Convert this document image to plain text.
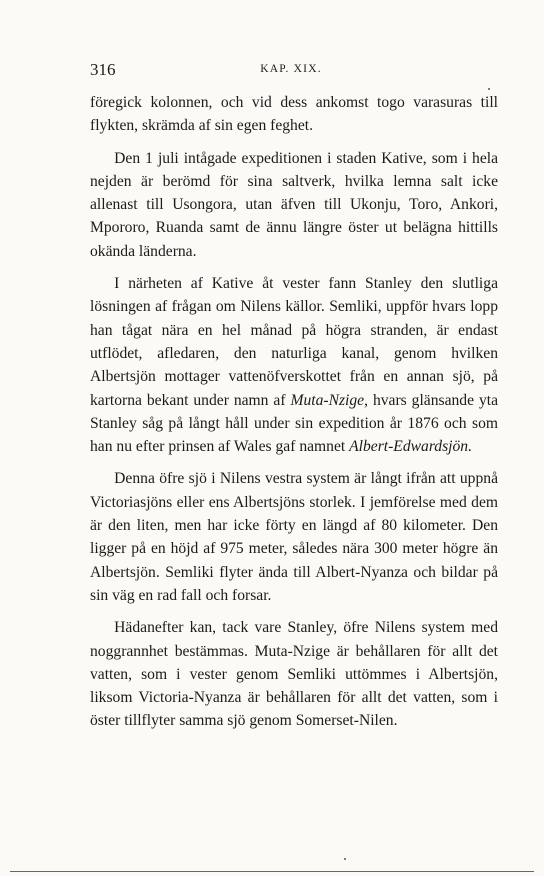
316	KAP. XIX.

föregick kolonnen, och vid dess ankomst togo varasuras till flykten, skrämda af sin egen feghet.

Den 1 juli intågade expeditionen i staden Kative, som i hela nejden är berömd för sina saltverk, hvilka lemna salt icke allenast till Usongora, utan äfven till Ukonju, Toro, Ankori, Mpororo, Ruanda samt de ännu längre öster ut belägna hittills okända länderna.

I närheten af Kative åt vester fann Stanley den slutliga lösningen af frågan om Nilens källor. Semliki, uppför hvars lopp han tågat nära en hel månad på högra stranden, är endast utflödet, afledaren, den naturliga kanal, genom hvilken Albertsjön mottager vattenöfverskottet från en annan sjö, på kartorna bekant under namn af Muta-Nzige, hvars glänsande yta Stanley såg på långt håll under sin expedition år 1876 och som han nu efter prinsen af Wales gaf namnet Albert-Edwardsjön.

Denna öfre sjö i Nilens vestra system är långt ifrån att uppnå Victoriasjöns eller ens Albertsjöns storlek. I jemförelse med dem är den liten, men har icke förty en längd af 80 kilometer. Den ligger på en höjd af 975 meter, således nära 300 meter högre än Albertsjön. Semliki flyter ända till Albert-Nyanza och bildar på sin väg en rad fall och forsar.

Hädanefter kan, tack vare Stanley, öfre Nilens system med noggrannhet bestämmas. Muta-Nzige är behållaren för allt det vatten, som i vester genom Semliki uttömmes i Albertsjön, liksom Victoria-Nyanza är behållaren för allt det vatten, som i öster tillflyter samma sjö genom Somerset-Nilen.
